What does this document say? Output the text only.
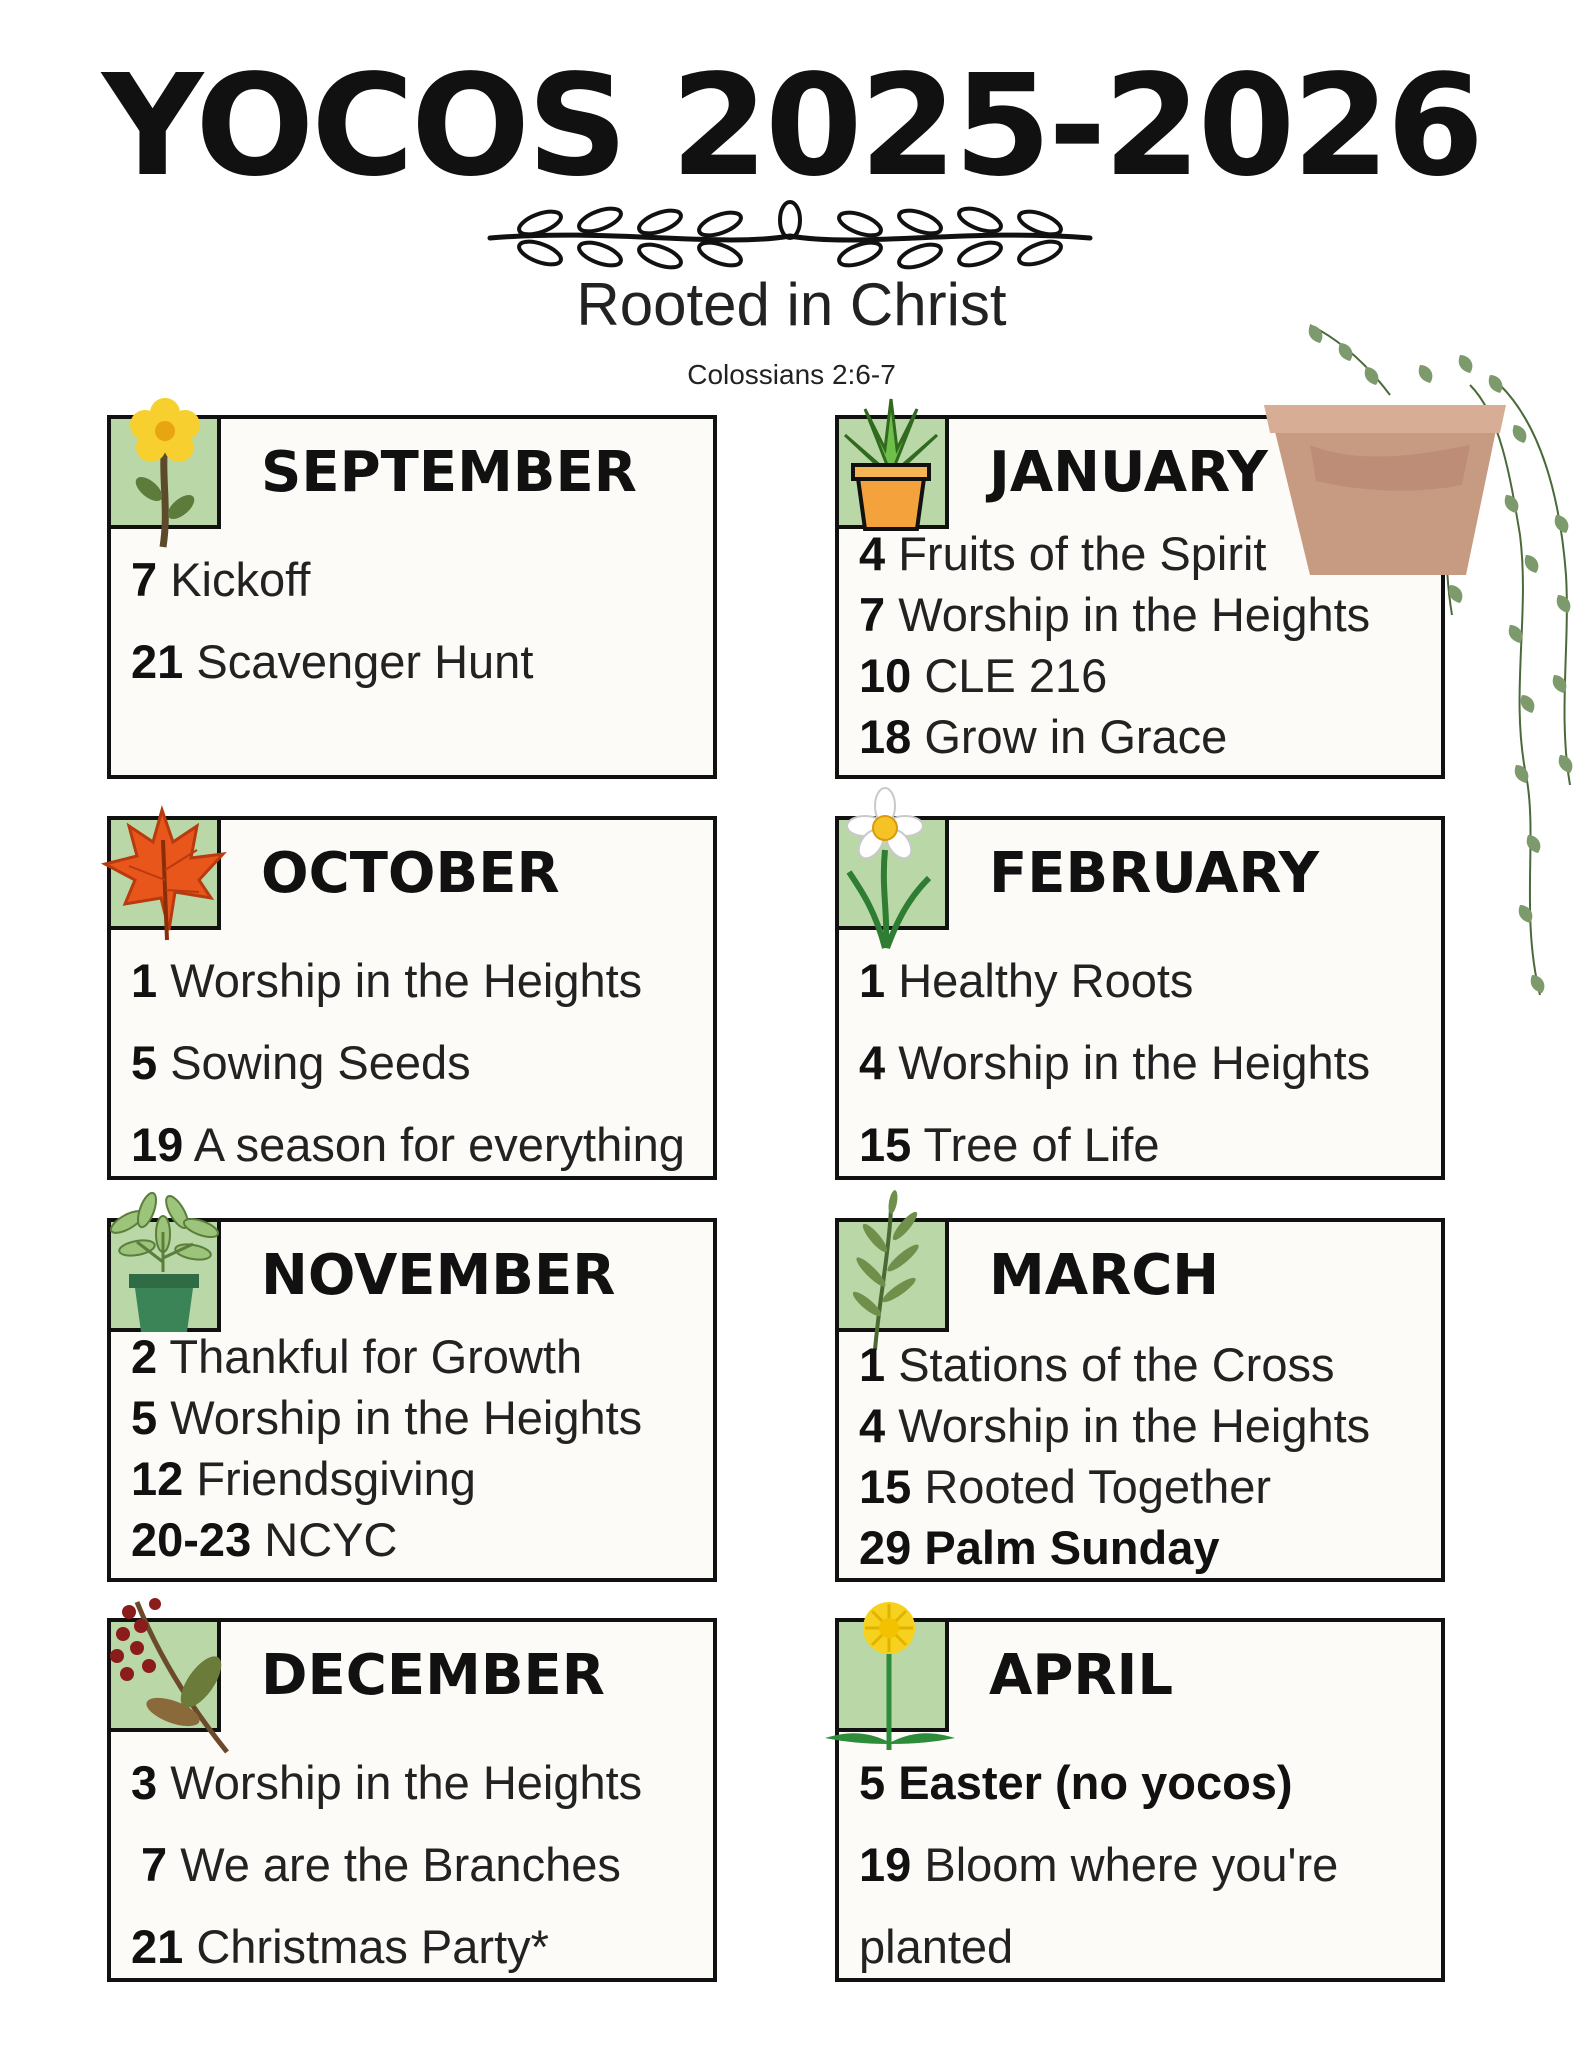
YOCOS 2025-2026
Rooted in Christ
Colossians 2:6-7
SEPTEMBER
7 Kickoff
21 Scavenger Hunt
OCTOBER
1 Worship in the Heights
5 Sowing Seeds
19 A season for everything
NOVEMBER
2 Thankful for Growth
5 Worship in the Heights
12 Friendsgiving
20-23 NCYC
DECEMBER
3 Worship in the Heights
7 We are the Branches
21 Christmas Party*
JANUARY
4 Fruits of the Spirit
7 Worship in the Heights
10 CLE 216
18 Grow in Grace
FEBRUARY
1 Healthy Roots
4 Worship in the Heights
15 Tree of Life
MARCH
1 Stations of the Cross
4 Worship in the Heights
15 Rooted Together
29 Palm Sunday
APRIL
5 Easter (no yocos)
19 Bloom where you're
planted
